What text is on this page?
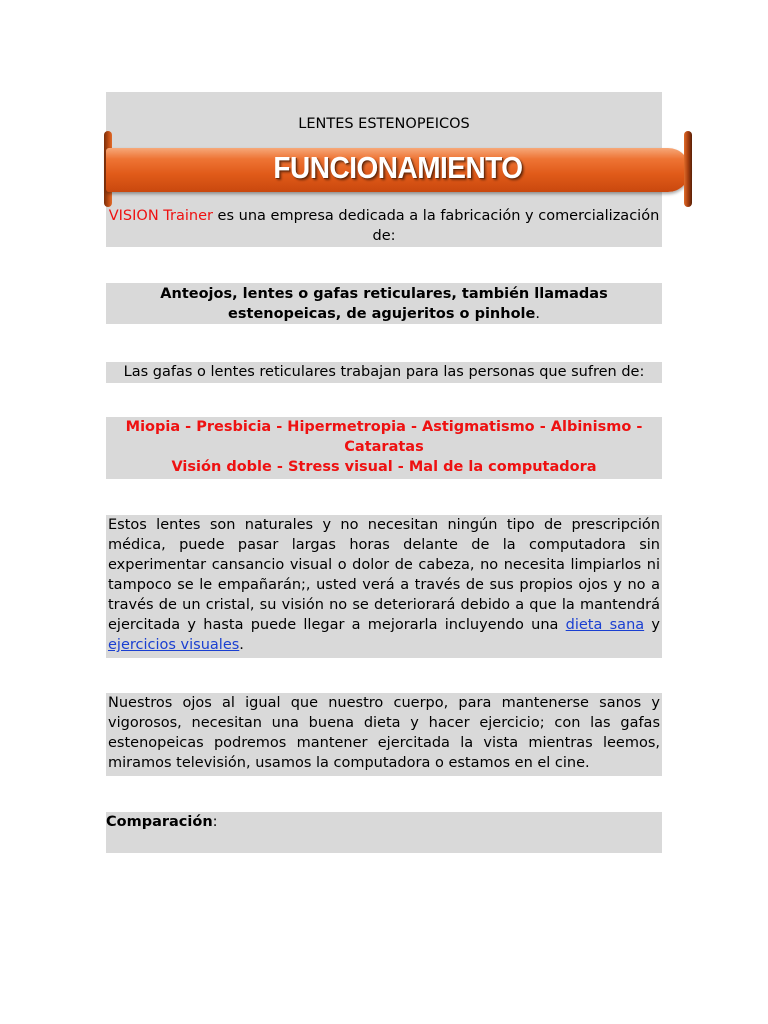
LENTES ESTENOPEICOS
VISION Trainer es una empresa dedicada a la fabricación y comercialización de:
FUNCIONAMIENTO
Anteojos, lentes o gafas reticulares, también llamadas estenopeicas, de agujeritos o pinhole.
Las gafas o lentes reticulares trabajan para las personas que sufren de:
Miopia - Presbicia - Hipermetropia - Astigmatismo - Albinismo - Cataratas
Visión doble - Stress visual - Mal de la computadora
Estos lentes son naturales y no necesitan ningún tipo de prescripción médica, puede pasar largas horas delante de la computadora sin experimentar cansancio visual o dolor de cabeza, no necesita limpiarlos ni tampoco se le empañarán;, usted verá a través de sus propios ojos y no a través de un cristal, su visión no se deteriorará debido a que la mantendrá ejercitada y hasta puede llegar a mejorarla incluyendo una dieta sana y ejercicios visuales.
Nuestros ojos al igual que nuestro cuerpo, para mantenerse sanos y vigorosos, necesitan una buena dieta y hacer ejercicio; con las gafas estenopeicas podremos mantener ejercitada la vista mientras leemos, miramos televisión, usamos la computadora o estamos en el cine.
Comparación:
